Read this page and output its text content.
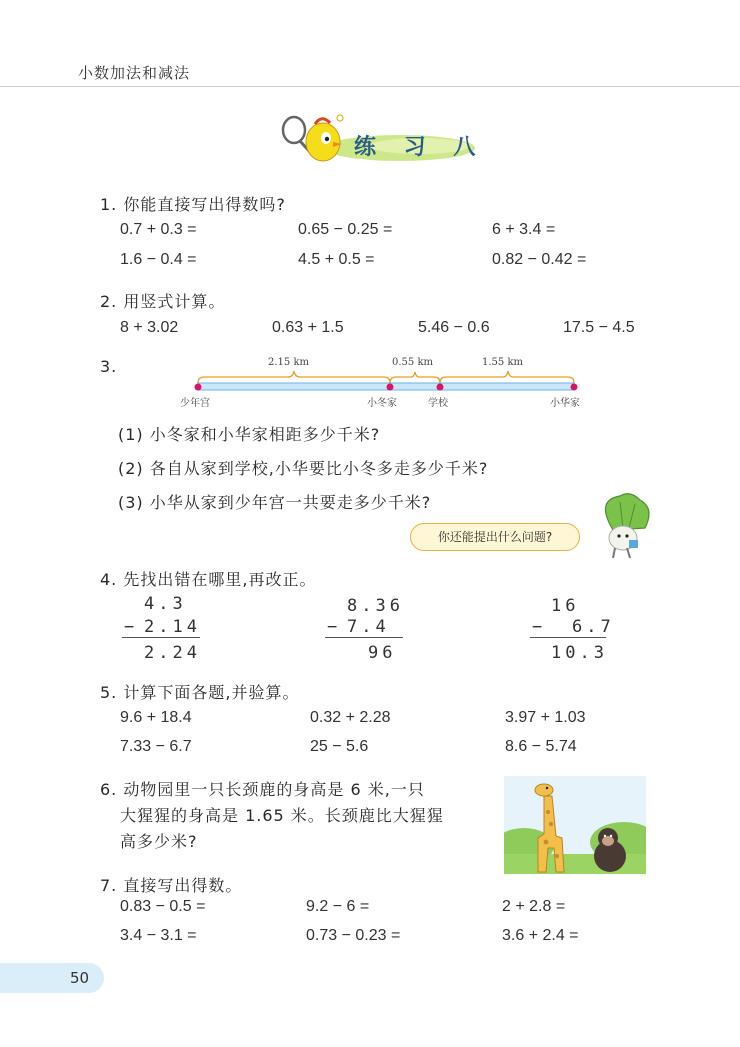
小数加法和减法
练 习 八
1. 你能直接写出得数吗?
0.7 + 0.3 =	0.65 − 0.25 =	6 + 3.4 =
1.6 − 0.4 =	4.5 + 0.5 =	0.82 − 0.42 =
2. 用竖式计算。
8 + 3.02	0.63 + 1.5	5.46 − 0.6	17.5 − 4.5
3.	2.15 km	0.55 km	1.55 km
少年宫	小冬家	学校	小华家
(1) 小冬家和小华家相距多少千米?
(2) 各自从家到学校,小华要比小冬多走多少千米?
(3) 小华从家到少年宫一共要走多少千米?
你还能提出什么问题?
4. 先找出错在哪里,再改正。
4.3
− 2.14
2.24
8.36
− 7.4
96
16
− 6.7
10.3
5. 计算下面各题,并验算。
9.6 + 18.4	0.32 + 2.28	3.97 + 1.03
7.33 − 6.7	25 − 5.6	8.6 − 5.74
6. 动物园里一只长颈鹿的身高是 6 米,一只
大猩猩的身高是 1.65 米。长颈鹿比大猩猩
高多少米?
7. 直接写出得数。
0.83 − 0.5 =	9.2 − 6 =	2 + 2.8 =
3.4 − 3.1 =	0.73 − 0.23 =	3.6 + 2.4 =
50
